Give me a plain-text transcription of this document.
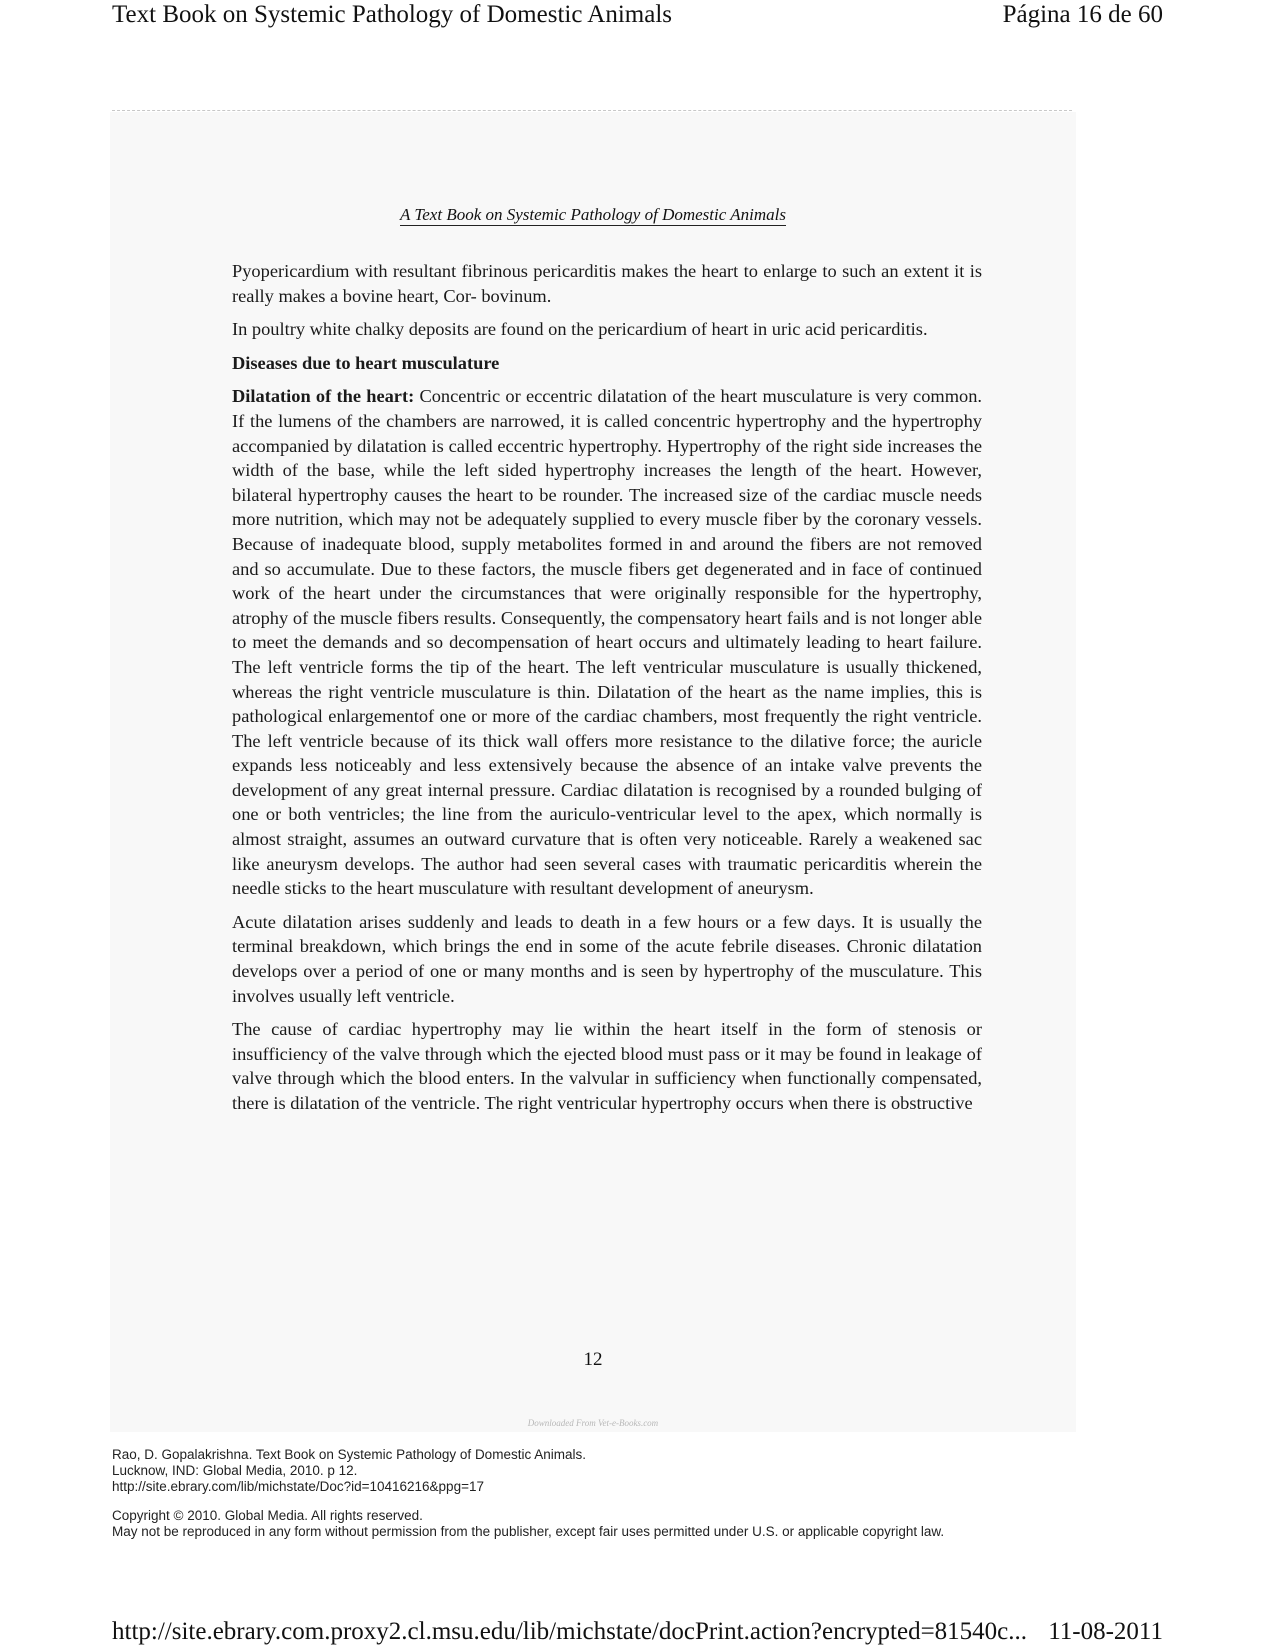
Text Book on Systemic Pathology of Domestic Animals	Página 16 de 60
A Text Book on Systemic Pathology of Domestic Animals

Pyopericardium with resultant fibrinous pericarditis makes the heart to enlarge to such an extent it is really makes a bovine heart, Cor- bovinum.

In poultry white chalky deposits are found on the pericardium of heart in uric acid pericarditis.

Diseases due to heart musculature

Dilatation of the heart: Concentric or eccentric dilatation of the heart musculature is very common. If the lumens of the chambers are narrowed, it is called concentric hypertrophy and the hypertrophy accompanied by dilatation is called eccentric hypertrophy. Hypertrophy of the right side increases the width of the base, while the left sided hypertrophy increases the length of the heart. However, bilateral hypertrophy causes the heart to be rounder. The increased size of the cardiac muscle needs more nutrition, which may not be adequately supplied to every muscle fiber by the coronary vessels. Because of inadequate blood, supply metabolites formed in and around the fibers are not removed and so accumulate. Due to these factors, the muscle fibers get degenerated and in face of continued work of the heart under the circumstances that were originally responsible for the hypertrophy, atrophy of the muscle fibers results. Consequently, the compensatory heart fails and is not longer able to meet the demands and so decompensation of heart occurs and ultimately leading to heart failure. The left ventricle forms the tip of the heart. The left ventricular musculature is usually thickened, whereas the right ventricle musculature is thin. Dilatation of the heart as the name implies, this is pathological enlargementof one or more of the cardiac chambers, most frequently the right ventricle. The left ventricle because of its thick wall offers more resistance to the dilative force; the auricle expands less noticeably and less extensively because the absence of an intake valve prevents the development of any great internal pressure. Cardiac dilatation is recognised by a rounded bulging of one or both ventricles; the line from the auriculo-ventricular level to the apex, which normally is almost straight, assumes an outward curvature that is often very noticeable. Rarely a weakened sac like aneurysm develops. The author had seen several cases with traumatic pericarditis wherein the needle sticks to the heart musculature with resultant development of aneurysm.

Acute dilatation arises suddenly and leads to death in a few hours or a few days. It is usually the terminal breakdown, which brings the end in some of the acute febrile diseases. Chronic dilatation develops over a period of one or many months and is seen by hypertrophy of the musculature. This involves usually left ventricle.

The cause of cardiac hypertrophy may lie within the heart itself in the form of stenosis or insufficiency of the valve through which the ejected blood must pass or it may be found in leakage of valve through which the blood enters. In the valvular in sufficiency when functionally compensated, there is dilatation of the ventricle. The right ventricular hypertrophy occurs when there is obstructive

12
Downloaded From Vet-e-Books.com
Rao, D. Gopalakrishna. Text Book on Systemic Pathology of Domestic Animals.
Lucknow, IND: Global Media, 2010. p 12.
http://site.ebrary.com/lib/michstate/Doc?id=10416216&ppg=17
Copyright © 2010. Global Media. All rights reserved.
May not be reproduced in any form without permission from the publisher, except fair uses permitted under U.S. or applicable copyright law.
http://site.ebrary.com.proxy2.cl.msu.edu/lib/michstate/docPrint.action?encrypted=81540c... 11-08-2011
